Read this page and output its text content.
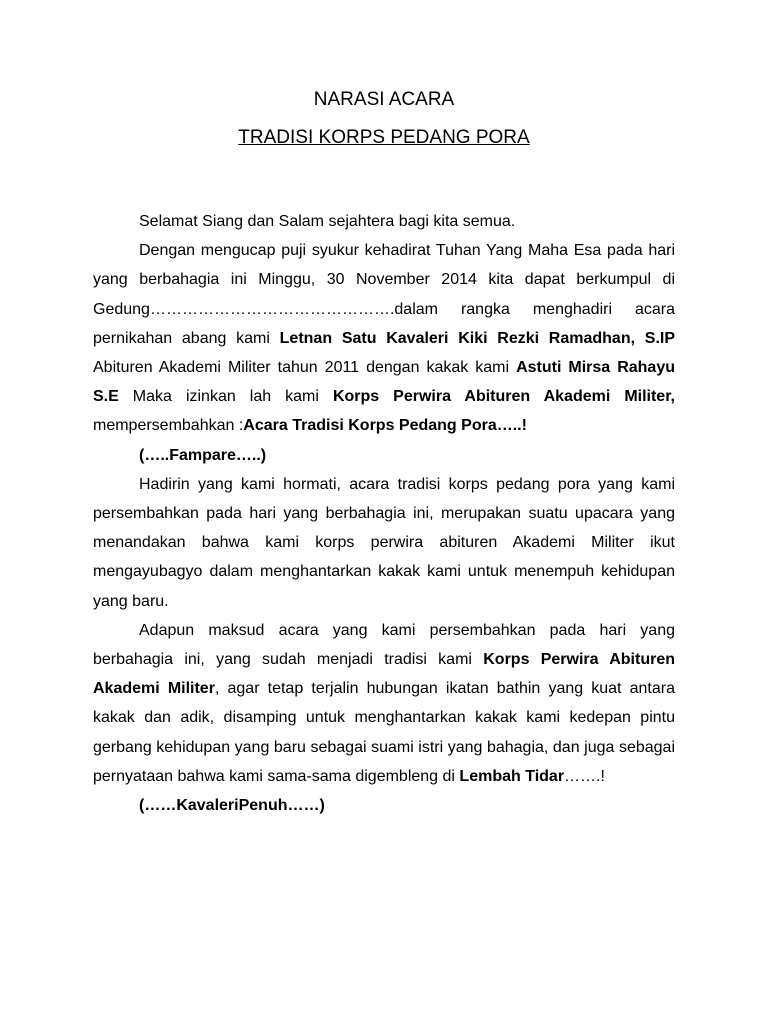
NARASI ACARA
TRADISI KORPS PEDANG PORA

Selamat Siang dan Salam sejahtera bagi kita semua.

Dengan mengucap puji syukur kehadirat Tuhan Yang Maha Esa pada hari yang berbahagia ini Minggu, 30 November 2014 kita dapat berkumpul di Gedung……………………………………….dalam rangka menghadiri acara pernikahan abang kami Letnan Satu Kavaleri Kiki Rezki Ramadhan, S.IP Abituren Akademi Militer tahun 2011 dengan kakak kami Astuti Mirsa Rahayu S.E Maka izinkan lah kami Korps Perwira Abituren Akademi Militer, mempersembahkan :Acara Tradisi Korps Pedang Pora…..!

(…..Fampare…..)

Hadirin yang kami hormati, acara tradisi korps pedang pora yang kami persembahkan pada hari yang berbahagia ini, merupakan suatu upacara yang menandakan bahwa kami korps perwira abituren Akademi Militer ikut mengayubagyo dalam menghantarkan kakak kami untuk menempuh kehidupan yang baru.

Adapun maksud acara yang kami persembahkan pada hari yang berbahagia ini, yang sudah menjadi tradisi kami Korps Perwira Abituren Akademi Militer, agar tetap terjalin hubungan ikatan bathin yang kuat antara kakak dan adik, disamping untuk menghantarkan kakak kami kedepan pintu gerbang kehidupan yang baru sebagai suami istri yang bahagia, dan juga sebagai pernyataan bahwa kami sama-sama digembleng di Lembah Tidar…….!

(……KavaleriPenuh……)
